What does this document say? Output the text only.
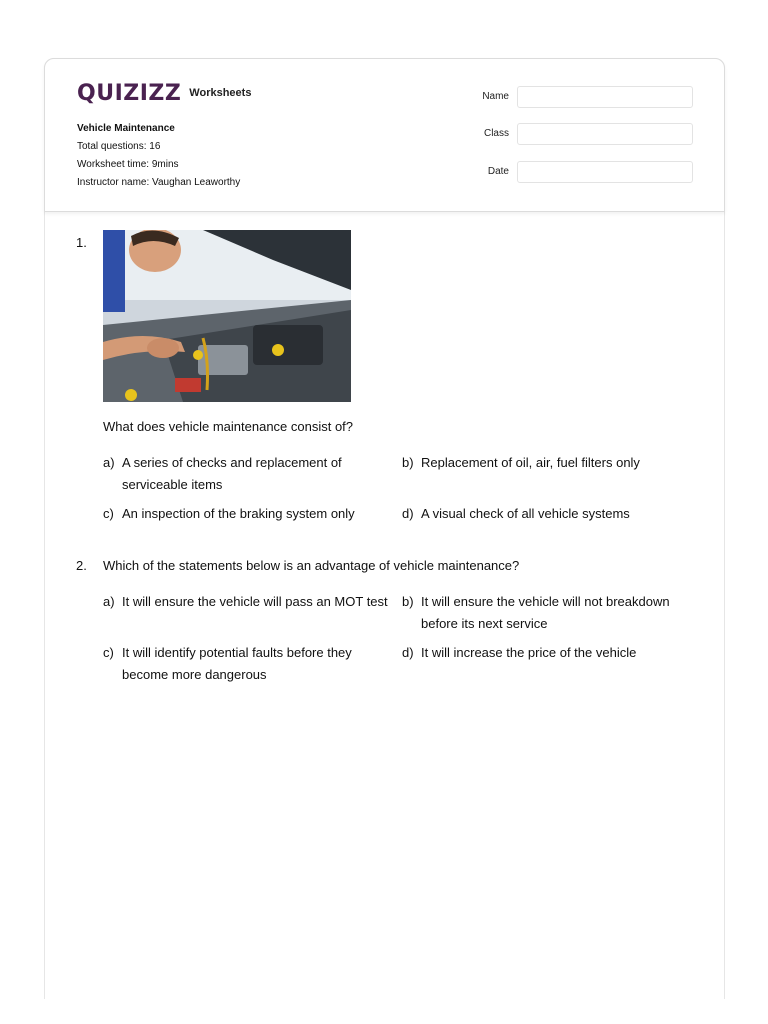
QUIZIZZ Worksheets
Vehicle Maintenance
Total questions: 16
Worksheet time: 9mins
Instructor name: Vaughan Leaworthy
Name
Class
Date
1.
What does vehicle maintenance consist of?
a) A series of checks and replacement of serviceable items
b) Replacement of oil, air, fuel filters only
c) An inspection of the braking system only	d) A visual check of all vehicle systems
2. Which of the statements below is an advantage of vehicle maintenance?
a) It will ensure the vehicle will pass an MOT test b) It will ensure the vehicle will not breakdown before its next service
c) It will identify potential faults before they become more dangerous
d) It will increase the price of the vehicle
